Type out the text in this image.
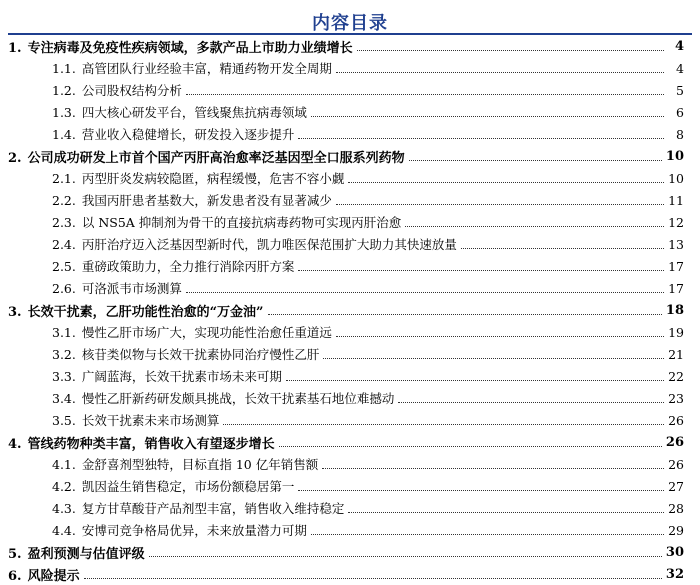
内容目录
1. 专注病毒及免疫性疾病领域，多款产品上市助力业绩增长	4
1.1. 高管团队行业经验丰富，精通药物开发全周期	4
1.2. 公司股权结构分析	5
1.3. 四大核心研发平台，管线聚焦抗病毒领域	6
1.4. 营业收入稳健增长，研发投入逐步提升	8
2. 公司成功研发上市首个国产丙肝高治愈率泛基因型全口服系列药物	10
2.1. 丙型肝炎发病较隐匿，病程缓慢，危害不容小觑	10
2.2. 我国丙肝患者基数大，新发患者没有显著减少	11
2.3. 以 NS5A 抑制剂为骨干的直接抗病毒药物可实现丙肝治愈	12
2.4. 丙肝治疗迈入泛基因型新时代，凯力唯医保范围扩大助力其快速放量	13
2.5. 重磅政策助力，全力推行消除丙肝方案	17
2.6. 可洛派韦市场测算	17
3. 长效干扰素，乙肝功能性治愈的“万金油”	18
3.1. 慢性乙肝市场广大，实现功能性治愈任重道远	19
3.2. 核苷类似物与长效干扰素协同治疗慢性乙肝	21
3.3. 广阔蓝海，长效干扰素市场未来可期	22
3.4. 慢性乙肝新药研发颇具挑战，长效干扰素基石地位难撼动	23
3.5. 长效干扰素未来市场测算	26
4. 管线药物种类丰富，销售收入有望逐步增长	26
4.1. 金舒喜剂型独特，目标直指 10 亿年销售额	26
4.2. 凯因益生销售稳定，市场份额稳居第一	27
4.3. 复方甘草酸苷产品剂型丰富，销售收入维持稳定	28
4.4. 安博司竞争格局优异，未来放量潜力可期	29
5. 盈利预测与估值评级	30
6. 风险提示	32
